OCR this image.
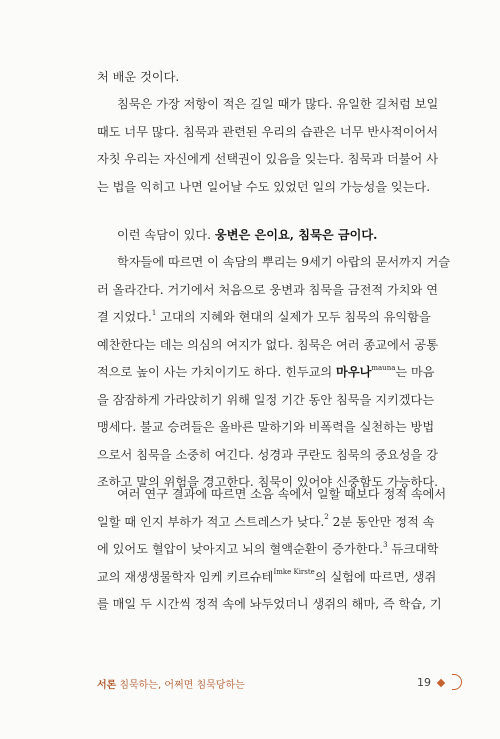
처 배운 것이다.

침묵은 가장 저항이 적은 길일 때가 많다. 유일한 길처럼 보일
때도 너무 많다. 침묵과 관련된 우리의 습관은 너무 반사적이어서
자칫 우리는 자신에게 선택권이 있음을 잊는다. 침묵과 더불어 사
는 법을 익히고 나면 일어날 수도 있었던 일의 가능성을 잊는다.

이런 속담이 있다. 웅변은 은이요, 침묵은 금이다.

학자들에 따르면 이 속담의 뿌리는 9세기 아랍의 문서까지 거슬
러 올라간다. 거기에서 처음으로 웅변과 침묵을 금전적 가치와 연
결 지었다.$^1$ 고대의 지혜와 현대의 실제가 모두 침묵의 유익함을
예찬한다는 데는 의심의 여지가 없다. 침묵은 여러 종교에서 공통
적으로 높이 사는 가치이기도 하다. 힌두교의 마우나$^{mauna}$는 마음
을 잠잠하게 가라앉히기 위해 일정 기간 동안 침묵을 지키겠다는
맹세다. 불교 승려들은 올바른 말하기와 비폭력을 실천하는 방법
으로서 침묵을 소중히 여긴다. 성경과 쿠란도 침묵의 중요성을 강
조하고 말의 위험을 경고한다. 침묵이 있어야 신중함도 가능하다.

여러 연구 결과에 따르면 소음 속에서 일할 때보다 정적 속에서
일할 때 인지 부하가 적고 스트레스가 낮다.$^2$ 2분 동안만 정적 속
에 있어도 혈압이 낮아지고 뇌의 혈액순환이 증가한다.$^3$ 듀크대학
교의 재생생물학자 임케 키르슈테$^{Imke Kirste}$의 실험에 따르면, 생쥐
를 매일 두 시간씩 정적 속에 놔두었더니 생쥐의 해마, 즉 학습, 기

서론 침묵하는, 어쩌면 침묵당하는	19
